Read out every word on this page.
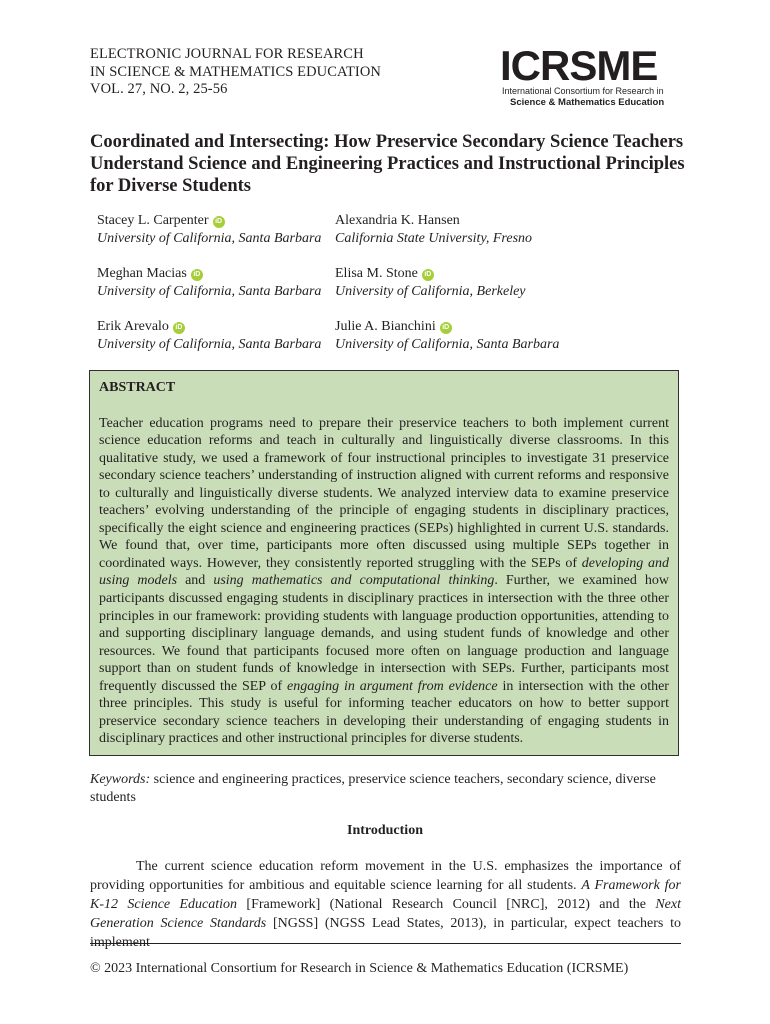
ELECTRONIC JOURNAL FOR RESEARCH
IN SCIENCE & MATHEMATICS EDUCATION
VOL. 27, NO. 2, 25-56	ICRSME
International Consortium for Research in
Science & Mathematics Education
Coordinated and Intersecting: How Preservice Secondary Science Teachers Understand Science and Engineering Practices and Instructional Principles for Diverse Students
Stacey L. Carpenter iD
University of California, Santa Barbara
Alexandria K. Hansen
California State University, Fresno
Meghan Macias iD
University of California, Santa Barbara
Elisa M. Stone iD
University of California, Berkeley
Erik Arevalo iD
University of California, Santa Barbara
Julie A. Bianchini iD
University of California, Santa Barbara
ABSTRACT
Teacher education programs need to prepare their preservice teachers to both implement current science education reforms and teach in culturally and linguistically diverse classrooms. In this qualitative study, we used a framework of four instructional principles to investigate 31 preservice secondary science teachers’ understanding of instruction aligned with current reforms and responsive to culturally and linguistically diverse students. We analyzed interview data to examine preservice teachers’ evolving understanding of the principle of engaging students in disciplinary practices, specifically the eight science and engineering practices (SEPs) highlighted in current U.S. standards. We found that, over time, participants more often discussed using multiple SEPs together in coordinated ways. However, they consistently reported struggling with the SEPs of developing and using models and using mathematics and computational thinking. Further, we examined how participants discussed engaging students in disciplinary practices in intersection with the three other principles in our framework: providing students with language production opportunities, attending to and supporting disciplinary language demands, and using student funds of knowledge and other resources. We found that participants focused more often on language production and language support than on student funds of knowledge in intersection with SEPs. Further, participants most frequently discussed the SEP of engaging in argument from evidence in intersection with the other three principles. This study is useful for informing teacher educators on how to better support preservice secondary science teachers in developing their understanding of engaging students in disciplinary practices and other instructional principles for diverse students.
Keywords: science and engineering practices, preservice science teachers, secondary science, diverse students
Introduction
The current science education reform movement in the U.S. emphasizes the importance of providing opportunities for ambitious and equitable science learning for all students. A Framework for K-12 Science Education [Framework] (National Research Council [NRC], 2012) and the Next Generation Science Standards [NGSS] (NGSS Lead States, 2013), in particular, expect teachers to implement
© 2023 International Consortium for Research in Science & Mathematics Education (ICRSME)
